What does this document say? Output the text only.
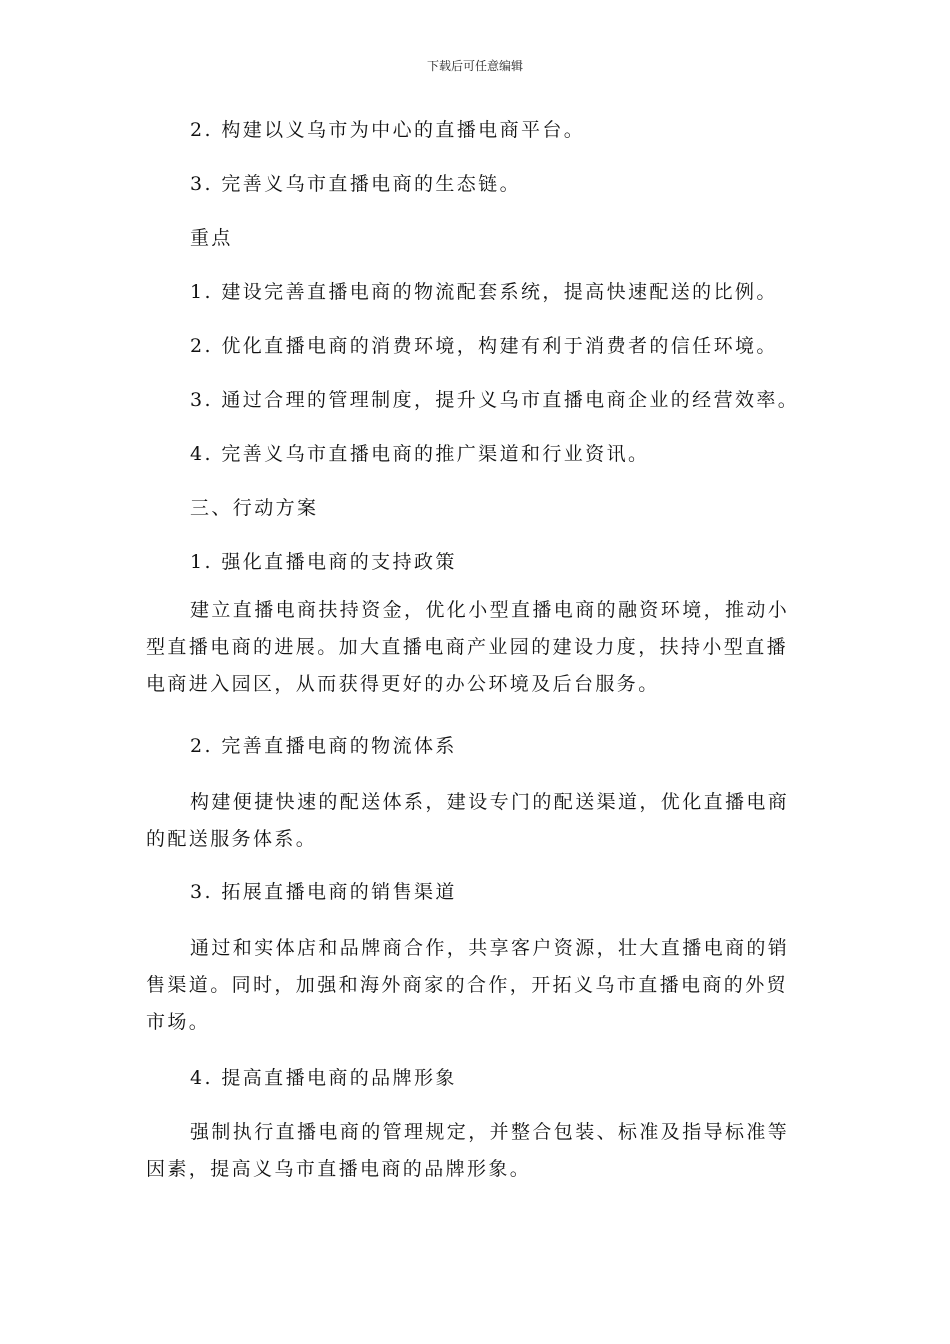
下载后可任意编辑
2. 构建以义乌市为中心的直播电商平台。
3. 完善义乌市直播电商的生态链。
重点
1. 建设完善直播电商的物流配套系统，提高快速配送的比例。
2. 优化直播电商的消费环境，构建有利于消费者的信任环境。
3. 通过合理的管理制度，提升义乌市直播电商企业的经营效率。
4. 完善义乌市直播电商的推广渠道和行业资讯。
三、行动方案
1. 强化直播电商的支持政策
建立直播电商扶持资金，优化小型直播电商的融资环境，推动小型直播电商的进展。加大直播电商产业园的建设力度，扶持小型直播电商进入园区，从而获得更好的办公环境及后台服务。
2. 完善直播电商的物流体系
构建便捷快速的配送体系，建设专门的配送渠道，优化直播电商的配送服务体系。
3. 拓展直播电商的销售渠道
通过和实体店和品牌商合作，共享客户资源，壮大直播电商的销售渠道。同时，加强和海外商家的合作，开拓义乌市直播电商的外贸市场。
4. 提高直播电商的品牌形象
强制执行直播电商的管理规定，并整合包装、标准及指导标准等因素，提高义乌市直播电商的品牌形象。
